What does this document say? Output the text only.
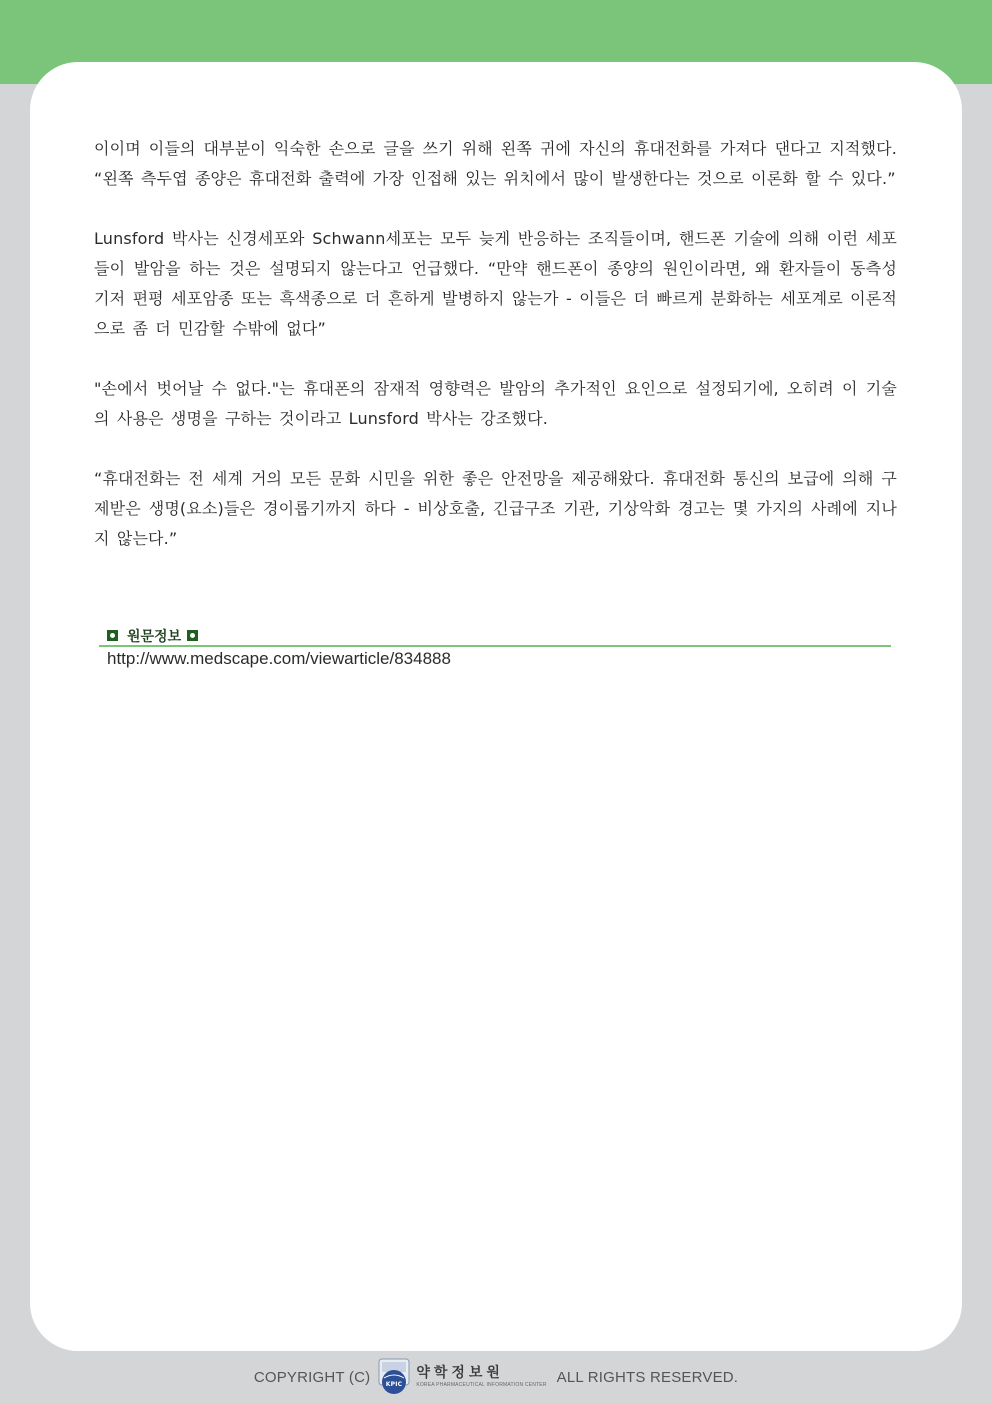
이이며 이들의 대부분이 익숙한 손으로 글을 쓰기 위해 왼쪽 귀에 자신의 휴대전화를 가져다 댄다고 지적했다. “왼쪽 측두엽 종양은 휴대전화 출력에 가장 인접해 있는 위치에서 많이 발생한다는 것으로 이론화 할 수 있다.”

Lunsford 박사는 신경세포와 Schwann세포는 모두 늦게 반응하는 조직들이며, 핸드폰 기술에 의해 이런 세포들이 발암을 하는 것은 설명되지 않는다고 언급했다. “만약 핸드폰이 종양의 원인이라면, 왜 환자들이 동측성 기저 편평 세포암종 또는 흑색종으로 더 흔하게 발병하지 않는가 - 이들은 더 빠르게 분화하는 세포계로 이론적으로 좀 더 민감할 수밖에 없다”

"손에서 벗어날 수 없다."는 휴대폰의 잠재적 영향력은 발암의 추가적인 요인으로 설정되기에, 오히려 이 기술의 사용은 생명을 구하는 것이라고 Lunsford 박사는 강조했다.

“휴대전화는 전 세계 거의 모든 문화 시민을 위한 좋은 안전망을 제공해왔다. 휴대전화 통신의 보급에 의해 구제받은 생명(요소)들은 경이롭기까지 하다 - 비상호출, 긴급구조 기관, 기상악화 경고는 몇 가지의 사례에 지나지 않는다.”

원문정보
http://www.medscape.com/viewarticle/834888
COPYRIGHT (C)	KPIC
약학정보원
KOREA PHARMACEUTICAL INFORMATION CENTER ALL RIGHTS RESERVED.
